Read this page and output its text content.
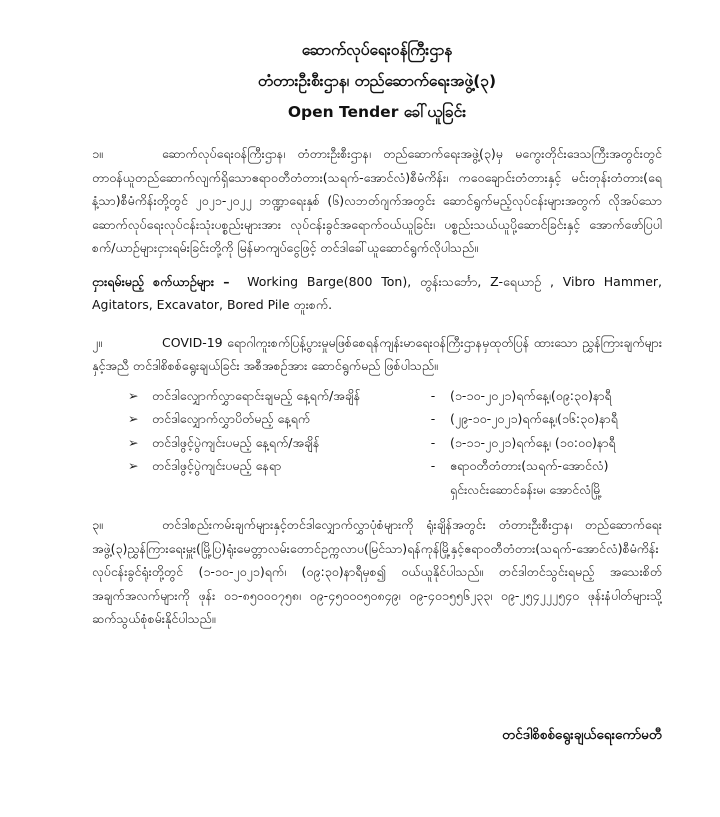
ဆောက်လုပ်ရေးဝန်ကြီးဌာန

တံတားဦးစီးဌာန၊ တည်ဆောက်ရေးအဖွဲ့(၃)

Open Tender ခေါ်ယူခြင်း

၁။	ဆောက်လုပ်ရေးဝန်ကြီးဌာန၊ တံတားဦးစီးဌာန၊ တည်ဆောက်ရေးအဖွဲ့(၃)မှ မကွေးတိုင်းဒေသကြီးအတွင်းတွင် တာဝန်ယူတည်ဆောက်လျက်ရှိသောဧရာဝတီတံတား(သရက်-အောင်လံ)စီမံကိန်း၊ ကဝေချောင်းတံတားနှင့် မင်းတုန်းတံတား(ရေနံ့သာ)စီမံကိန်းတို့တွင် ၂၀၂၁-၂၀၂၂ ဘဏ္ဍာရေးနှစ် (၆)လဘတ်ဂျက်အတွင်း ဆောင်ရွက်မည့်လုပ်ငန်းများအတွက် လိုအပ်သော ဆောက်လုပ်ရေးလုပ်ငန်းသုံးပစ္စည်းများအား လုပ်ငန်းခွင်အရောက်ဝယ်ယူခြင်း၊ ပစ္စည်းသယ်ယူပို့ဆောင်ခြင်းနှင့် အောက်ဖော်ပြပါစက်/ယာဉ်များငှားရမ်းခြင်းတို့ကို မြန်မာကျပ်ငွေဖြင့် တင်ဒါခေါ်ယူဆောင်ရွက်လိုပါသည်။

ငှားရမ်းမည့် စက်ယာဉ်များ – Working Barge(800 Ton), တွန်းသင်္ဘော, Z-ရေယာဉ် , Vibro Hammer, Agitators, Excavator, Bored Pile တူးစက်.

၂။	COVID-19 ရောဂါကူးစက်ပြန့်ပွားမှုမဖြစ်စေရန်ကျန်းမာရေးဝန်ကြီးဌာနမှထုတ်ပြန် ထားသော ညွှန်ကြားချက်များနှင့်အညီ တင်ဒါစိစစ်ရွေးချယ်ခြင်း အစီအစဉ်အား ဆောင်ရွက်မည် ဖြစ်ပါသည်။

➢	တင်ဒါလျှောက်လွှာရောင်းချမည့် နေ့ရက်/အချိန်	-	(၁-၁၀-၂၀၂၁)ရက်နေ့၊(၀၉:၃၀)နာရီ
➢	တင်ဒါလျှောက်လွှာပိတ်မည့် နေ့ရက်	-	(၂၉-၁၀-၂၀၂၁)ရက်နေ့၊(၁၆:၃၀)နာရီ
➢	တင်ဒါဖွင့်ပွဲကျင်းပမည့် နေ့ရက်/အချိန်	-	(၁-၁၁-၂၀၂၁)ရက်နေ့၊ (၁၀:၀၀)နာရီ
➢	တင်ဒါဖွင့်ပွဲကျင်းပမည့် နေရာ	-	ဧရာဝတီတံတား(သရက်-အောင်လံ)
ရှင်းလင်းဆောင်ခန်းမ၊ အောင်လံမြို့

၃။	တင်ဒါစည်းကမ်းချက်များနှင့်တင်ဒါလျှောက်လွှာပုံစံများကို ရုံးချိန်အတွင်း တံတားဦးစီးဌာန၊ တည်ဆောက်ရေးအဖွဲ့(၃)ညွှန်ကြားရေးမှူး(မြို့ပြ)ရုံးမေတ္တာလမ်းတောင်ဥက္ကလာပ(မြင်သာ)ရန်ကုန်မြို့နှင့်ဧရာဝတီတံတား(သရက်-အောင်လံ)စီမံကိန်း လုပ်ငန်းခွင်ရုံးတို့တွင် (၁-၁၀-၂၀၂၁)ရက်၊ (၀၉:၃၀)နာရီမှစ၍ ဝယ်ယူနိုင်ပါသည်။ တင်ဒါတင်သွင်းရမည့် အသေးစိတ်အချက်အလက်များကို ဖုန်း ၀၁-၈၅၀၀၀၇၅၈၊ ၀၉-၄၅၀၀၀၅၀၈၄၉၊ ၀၉-၄၀၁၅၅၆၂၃၃၊ ၀၉-၂၅၄၂၂၂၅၄၀ ဖုန်းနံပါတ်များသို့ ဆက်သွယ်စုံစမ်းနိုင်ပါသည်။

တင်ဒါစိစစ်ရွေးချယ်ရေးကော်မတီ
